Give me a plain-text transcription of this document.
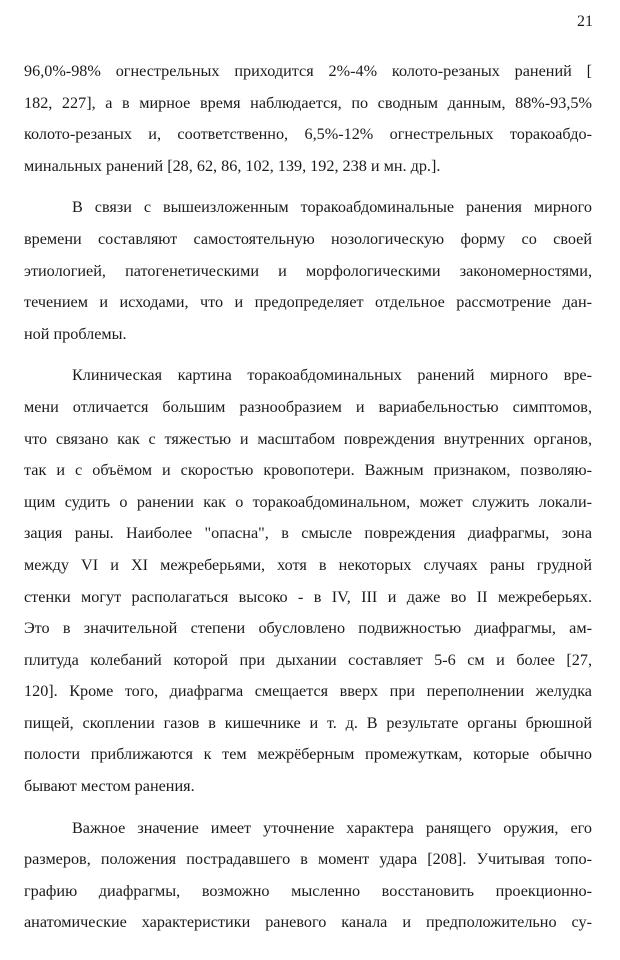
21
96,0%-98% огнестрельных приходится 2%-4% колото-резаных ранений [
182, 227], а в мирное время наблюдается, по сводным данным, 88%-93,5%
колото-резаных и, соответственно, 6,5%-12% огнестрельных торакоабдо-
минальных ранений [28, 62, 86, 102, 139, 192, 238 и мн. др.].
В связи с вышеизложенным торакоабдоминальные ранения мирного
времени составляют самостоятельную нозологическую форму со своей
этиологией, патогенетическими и морфологическими закономерностями,
течением и исходами, что и предопределяет отдельное рассмотрение дан-
ной проблемы.
Клиническая картина торакоабдоминальных ранений мирного вре-
мени отличается большим разнообразием и вариабельностью симптомов,
что связано как с тяжестью и масштабом повреждения внутренних органов,
так и с объёмом и скоростью кровопотери. Важным признаком, позволяю-
щим судить о ранении как о торакоабдоминальном, может служить локали-
зация раны. Наиболее "опасна", в смысле повреждения диафрагмы, зона
между VI и XI межреберьями, хотя в некоторых случаях раны грудной
стенки могут располагаться высоко - в IV, III и даже во II межреберьях.
Это в значительной степени обусловлено подвижностью диафрагмы, ам-
плитуда колебаний которой при дыхании составляет 5-6 см и более [27,
120]. Кроме того, диафрагма смещается вверх при переполнении желудка
пищей, скоплении газов в кишечнике и т. д. В результате органы брюшной
полости приближаются к тем межрёберным промежуткам, которые обычно
бывают местом ранения.
Важное значение имеет уточнение характера ранящего оружия, его
размеров, положения пострадавшего в момент удара [208]. Учитывая топо-
графию диафрагмы, возможно мысленно восстановить проекционно-
анатомические характеристики раневого канала и предположительно су-
